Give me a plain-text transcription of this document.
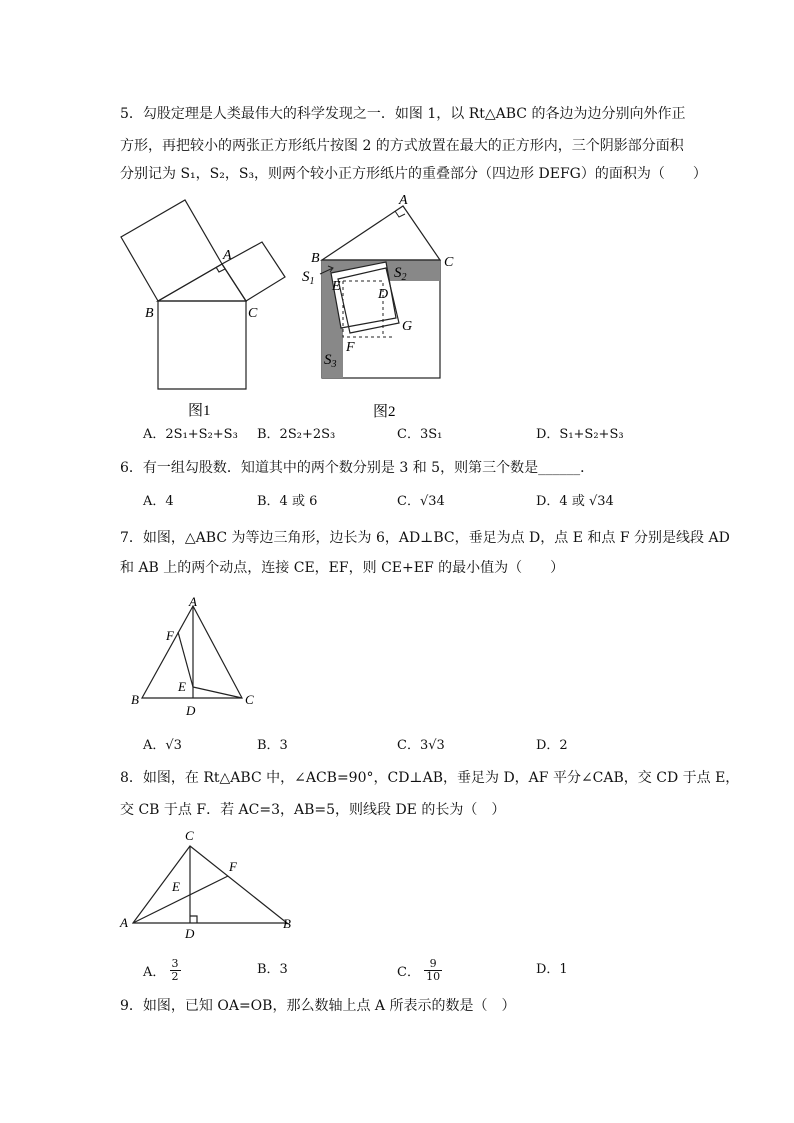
5．勾股定理是人类最伟大的科学发现之一．如图 1，以 Rt△ABC 的各边为边分别向外作正
方形，再把较小的两张正方形纸片按图 2 的方式放置在最大的正方形内，三个阴影部分面积
分别记为 S₁，S₂，S₃，则两个较小正方形纸片的重叠部分（四边形 DEFG）的面积为（　　）
A
B	C
图1
A
B	C
D
E
F
G
$S_1$
$S_2$
$S_3$
图2
A．2S₁+S₂+S₃ B．2S₂+2S₃	C．3S₁	D．S₁+S₂+S₃
6．有一组勾股数．知道其中的两个数分别是 3 和 5，则第三个数是______．
A．4	B．4 或 6	C．√34	D．4 或 √34
7．如图，△ABC 为等边三角形，边长为 6，AD⊥BC，垂足为点 D，点 E 和点 F 分别是线段 AD
和 AB 上的两个动点，连接 CE，EF，则 CE+EF 的最小值为（　　）
A
B	C
D
E
F
A．√3	B．3	C．3√3	D．2
8．如图，在 Rt△ABC 中，∠ACB=90°，CD⊥AB，垂足为 D，AF 平分∠CAB，交 CD 于点 E，
交 CB 于点 F．若 AC=3，AB=5，则线段 DE 的长为（　）
C
A	B
D
E
F
A． $\frac{3}{2}$	B．3	C． $\frac{9}{10}$	D．1
9．如图，已知 OA=OB，那么数轴上点 A 所表示的数是（　）
